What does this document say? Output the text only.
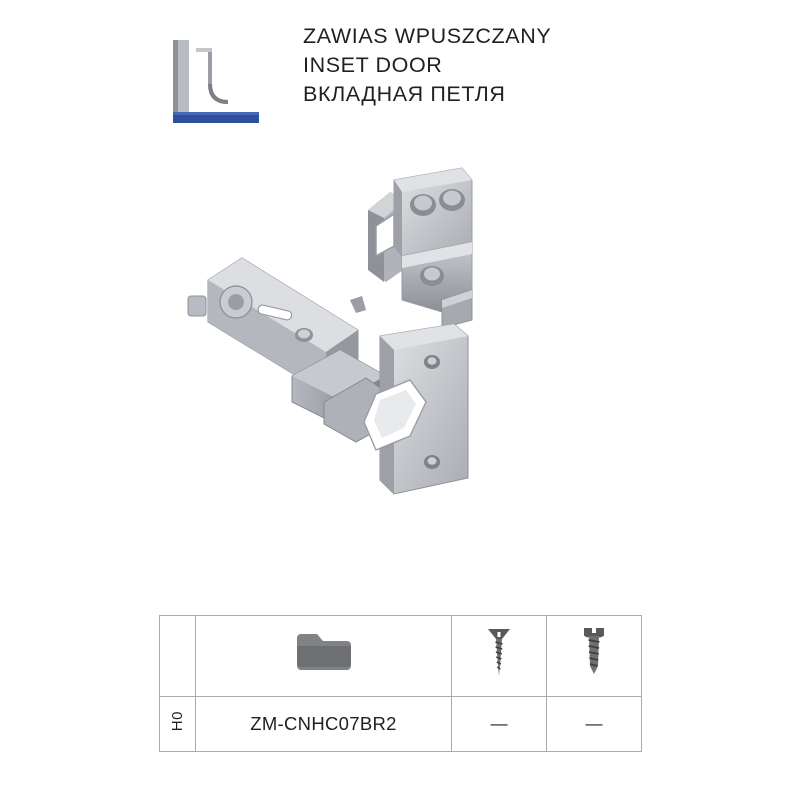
ZAWIAS WPUSZCZANY
INSET DOOR
ВКЛАДНАЯ ПЕТЛЯ

H0	ZM-CNHC07BR2	—	—
